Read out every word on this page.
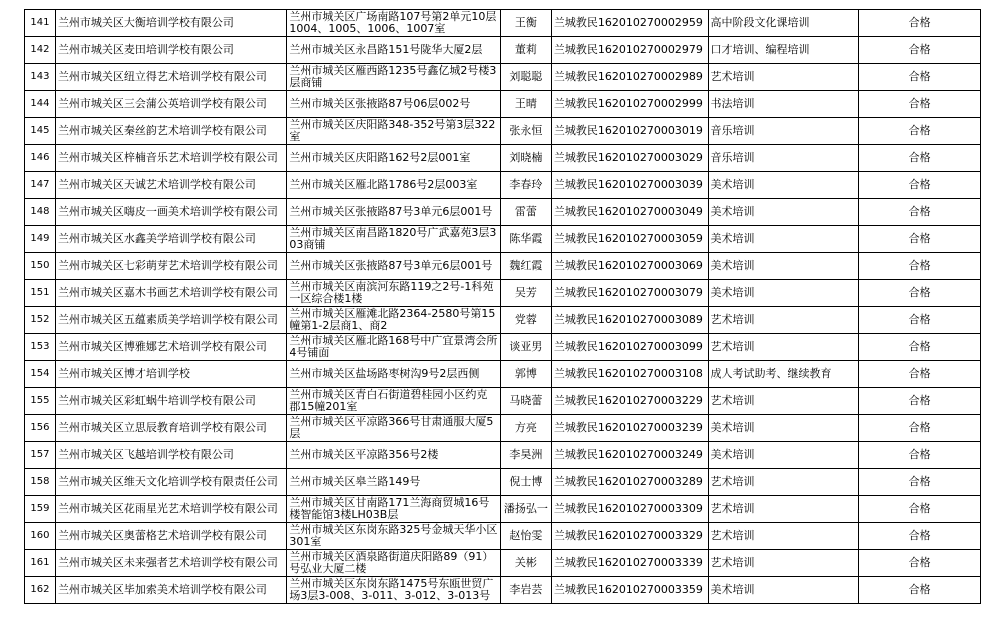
141	兰州市城关区大衡培训学校有限公司	兰州市城关区广场南路107号第2单元10层1004、1005、1006、1007室	王衡	兰城教民162010270002959	高中阶段文化课培训	合格
142	兰州市城关区麦田培训学校有限公司	兰州市城关区永昌路151号陇华大厦2层	董莉	兰城教民162010270002979	口才培训、编程培训	合格
143	兰州市城关区纽立得艺术培训学校有限公司	兰州市城关区雁西路1235号鑫亿城2号楼3层商铺	刘聪聪	兰城教民162010270002989	艺术培训	合格
144	兰州市城关区三会蒲公英培训学校有限公司	兰州市城关区张掖路87号06层002号	王晴	兰城教民162010270002999	书法培训	合格
145	兰州市城关区秦丝韵艺术培训学校有限公司	兰州市城关区庆阳路348-352号第3层322室	张永恒	兰城教民162010270003019	音乐培训	合格
146	兰州市城关区梓楠音乐艺术培训学校有限公司	兰州市城关区庆阳路162号2层001室	刘晓楠	兰城教民162010270003029	音乐培训	合格
147	兰州市城关区天诚艺术培训学校有限公司	兰州市城关区雁北路1786号2层003室	李春玲	兰城教民162010270003039	美术培训	合格
148	兰州市城关区嗨皮一画美术培训学校有限公司	兰州市城关区张掖路87号3单元6层001号	雷蕾	兰城教民162010270003049	美术培训	合格
149	兰州市城关区水鑫美学培训学校有限公司	兰州市城关区南昌路1820号广武嘉苑3层303商铺	陈华霞	兰城教民162010270003059	美术培训	合格
150	兰州市城关区七彩萌芽艺术培训学校有限公司	兰州市城关区张掖路87号3单元6层001号	魏红霞	兰城教民162010270003069	美术培训	合格
151	兰州市城关区嘉木书画艺术培训学校有限公司	兰州市城关区南滨河东路119之2号-1科苑一区综合楼1楼	吴芳	兰城教民162010270003079	美术培训	合格
152	兰州市城关区五蕴素质美学培训学校有限公司	兰州市城关区雁滩北路2364-2580号第15幢第1-2层商1、商2	党蓉	兰城教民162010270003089	艺术培训	合格
153	兰州市城关区博雅娜艺术培训学校有限公司	兰州市城关区雁北路168号中广宜景湾会所4号铺面	谈亚男	兰城教民162010270003099	艺术培训	合格
154	兰州市城关区博才培训学校	兰州市城关区盐场路枣树沟9号2层西侧	郭博	兰城教民162010270003108	成人考试助考、继续教育	合格
155	兰州市城关区彩虹蜗牛培训学校有限公司	兰州市城关区青白石街道碧桂园小区约克郡15幢201室	马晓蕾	兰城教民162010270003229	艺术培训	合格
156	兰州市城关区立思辰教育培训学校有限公司	兰州市城关区平凉路366号甘肃通服大厦5层	方亮	兰城教民162010270003239	美术培训	合格
157	兰州市城关区飞越培训学校有限公司	兰州市城关区平凉路356号2楼	李昊洲	兰城教民162010270003249	美术培训	合格
158	兰州市城关区维天文化培训学校有限责任公司	兰州市城关区皋兰路149号	倪士博	兰城教民162010270003289	艺术培训	合格
159	兰州市城关区花雨星光艺术培训学校有限公司	兰州市城关区甘南路171兰海商贸城16号楼智能馆3楼LH03B层	潘扬弘一	兰城教民162010270003309	艺术培训	合格
160	兰州市城关区奥蕾格艺术培训学校有限公司	兰州市城关区东岗东路325号金城天华小区301室	赵怡雯	兰城教民162010270003329	艺术培训	合格
161	兰州市城关区未来强者艺术培训学校有限公司	兰州市城关区酒泉路街道庆阳路89（91）号弘业大厦二楼	关彬	兰城教民162010270003339	艺术培训	合格
162	兰州市城关区毕加索美术培训学校有限公司	兰州市城关区东岗东路1475号东瓯世贸广场3层3-008、3-011、3-012、3-013号	李岩芸	兰城教民162010270003359	美术培训	合格
